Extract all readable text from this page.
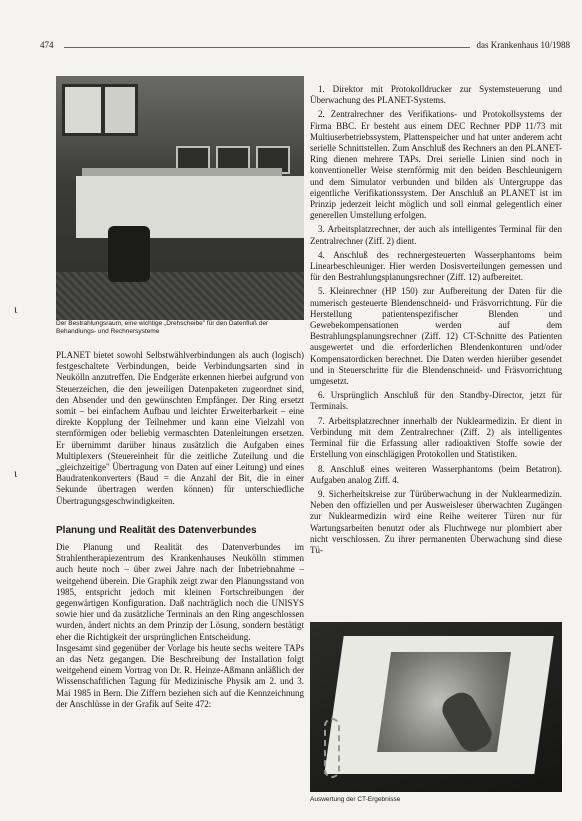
474	das Krankenhaus 10/1988
ɩ
ɩ
Der Bestrahlungsraum, eine wichtige „Drehscheibe" für den Datenfluß der Behandlungs- und Rechnersysteme

PLANET bietet sowohl Selbstwählverbindungen als auch (logisch) festgeschaltete Verbindungen, beide Verbindungsarten sind in Neukölln anzutreffen. Die Endgeräte erkennen hierbei aufgrund von Steuerzeichen, die den jeweiligen Datenpaketen zugeordnet sind, den Absender und den gewünschten Empfänger. Der Ring ersetzt somit – bei einfachem Aufbau und leichter Erweiterbarkeit – eine direkte Kopplung der Teilnehmer und kann eine Vielzahl von sternförmigen oder beliebig vermaschten Datenleitungen ersetzen. Er übernimmt darüber hinaus zusätzlich die Aufgaben eines Multiplexers (Steuereinheit für die zeitliche Zuteilung und die „gleichzeitige" Übertragung von Daten auf einer Leitung) und eines Baudratenkonverters (Baud = die Anzahl der Bit, die in einer Sekunde übertragen werden können) für unterschiedliche Übertragungsgeschwindigkeiten.

Planung und Realität des Datenverbundes

Die Planung und Realität des Datenverbundes im Strahlentherapiezentrum des Krankenhauses Neukölln stimmen auch heute noch – über zwei Jahre nach der Inbetriebnahme – weitgehend überein. Die Graphik zeigt zwar den Planungsstand von 1985, entspricht jedoch mit kleinen Fortschreibungen der gegenwärtigen Konfiguration. Daß nachträglich noch die UNISYS sowie hier und da zusätzliche Terminals an den Ring angeschlossen wurden, ändert nichts an dem Prinzip der Lösung, sondern bestätigt eher die Richtigkeit der ursprünglichen Entscheidung.

Insgesamt sind gegenüber der Vorlage bis heute sechs weitere TAPs an das Netz gegangen. Die Beschreibung der Installation folgt weitgehend einem Vortrag von Dr. R. Heinze-Aßmann anläßlich der Wissenschaftlichen Tagung für Medizinische Physik am 2. und 3. Mai 1985 in Bern. Die Ziffern beziehen sich auf die Kennzeichnung der Anschlüsse in der Grafik auf Seite 472:

1. Direktor mit Protokolldrucker zur Systemsteuerung und Überwachung des PLANET-Systems.

2. Zentralrechner des Verifikations- und Protokollsystems der Firma BBC. Er besteht aus einem DEC Rechner PDP 11/73 mit Multiuserbetriebssystem, Plattenspeicher und hat unter anderem acht serielle Schnittstellen. Zum Anschluß des Rechners an den PLANET-Ring dienen mehrere TAPs. Drei serielle Linien sind noch in konventioneller Weise sternförmig mit den beiden Beschleunigern und dem Simulator verbunden und bilden als Untergruppe das eigentliche Verifikationssystem. Der Anschluß an PLANET ist im Prinzip jederzeit leicht möglich und soll einmal gelegentlich einer generellen Umstellung erfolgen.

3. Arbeitsplatzrechner, der auch als intelligentes Terminal für den Zentralrechner (Ziff. 2) dient.

4. Anschluß des rechnergesteuerten Wasserphantoms beim Linearbeschleuniger. Hier werden Dosisverteilungen gemessen und für den Bestrahlungsplanungsrechner (Ziff. 12) aufbereitet.

5. Kleinrechner (HP 150) zur Aufbereitung der Daten für die numerisch gesteuerte Blendenschneid- und Fräsvorrichtung. Für die Herstellung patientenspezifischer Blenden und Gewebekompensationen werden auf dem Bestrahlungsplanungsrechner (Ziff. 12) CT-Schnitte des Patienten ausgewertet und die erforderlichen Blendenkonturen und/oder Kompensatordicken berechnet. Die Daten werden hierüber gesendet und in Steuerschritte für die Blendenschneid- und Fräsvorrichtung umgesetzt.

6. Ursprünglich Anschluß für den Standby-Director, jetzt für Terminals.

7. Arbeitsplatzrechner innerhalb der Nuklearmedizin. Er dient in Verbindung mit dem Zentralrechner (Ziff. 2) als intelligentes Terminal für die Erfassung aller radioaktiven Stoffe sowie der Erstellung von einschlägigen Protokollen und Statistiken.

8. Anschluß eines weiteren Wasserphantoms (beim Betatron). Aufgaben analog Ziff. 4.

9. Sicherheitskreise zur Türüberwachung in der Nuklearmedizin. Neben den offiziellen und per Ausweisleser überwachten Zugängen zur Nuklearmedizin wird eine Reihe weiterer Türen nur für Wartungsarbeiten benutzt oder als Fluchtwege nur plombiert aber nicht verschlossen. Zu ihrer permanenten Überwachung sind diese Tü-

Auswertung der CT-Ergebnisse
